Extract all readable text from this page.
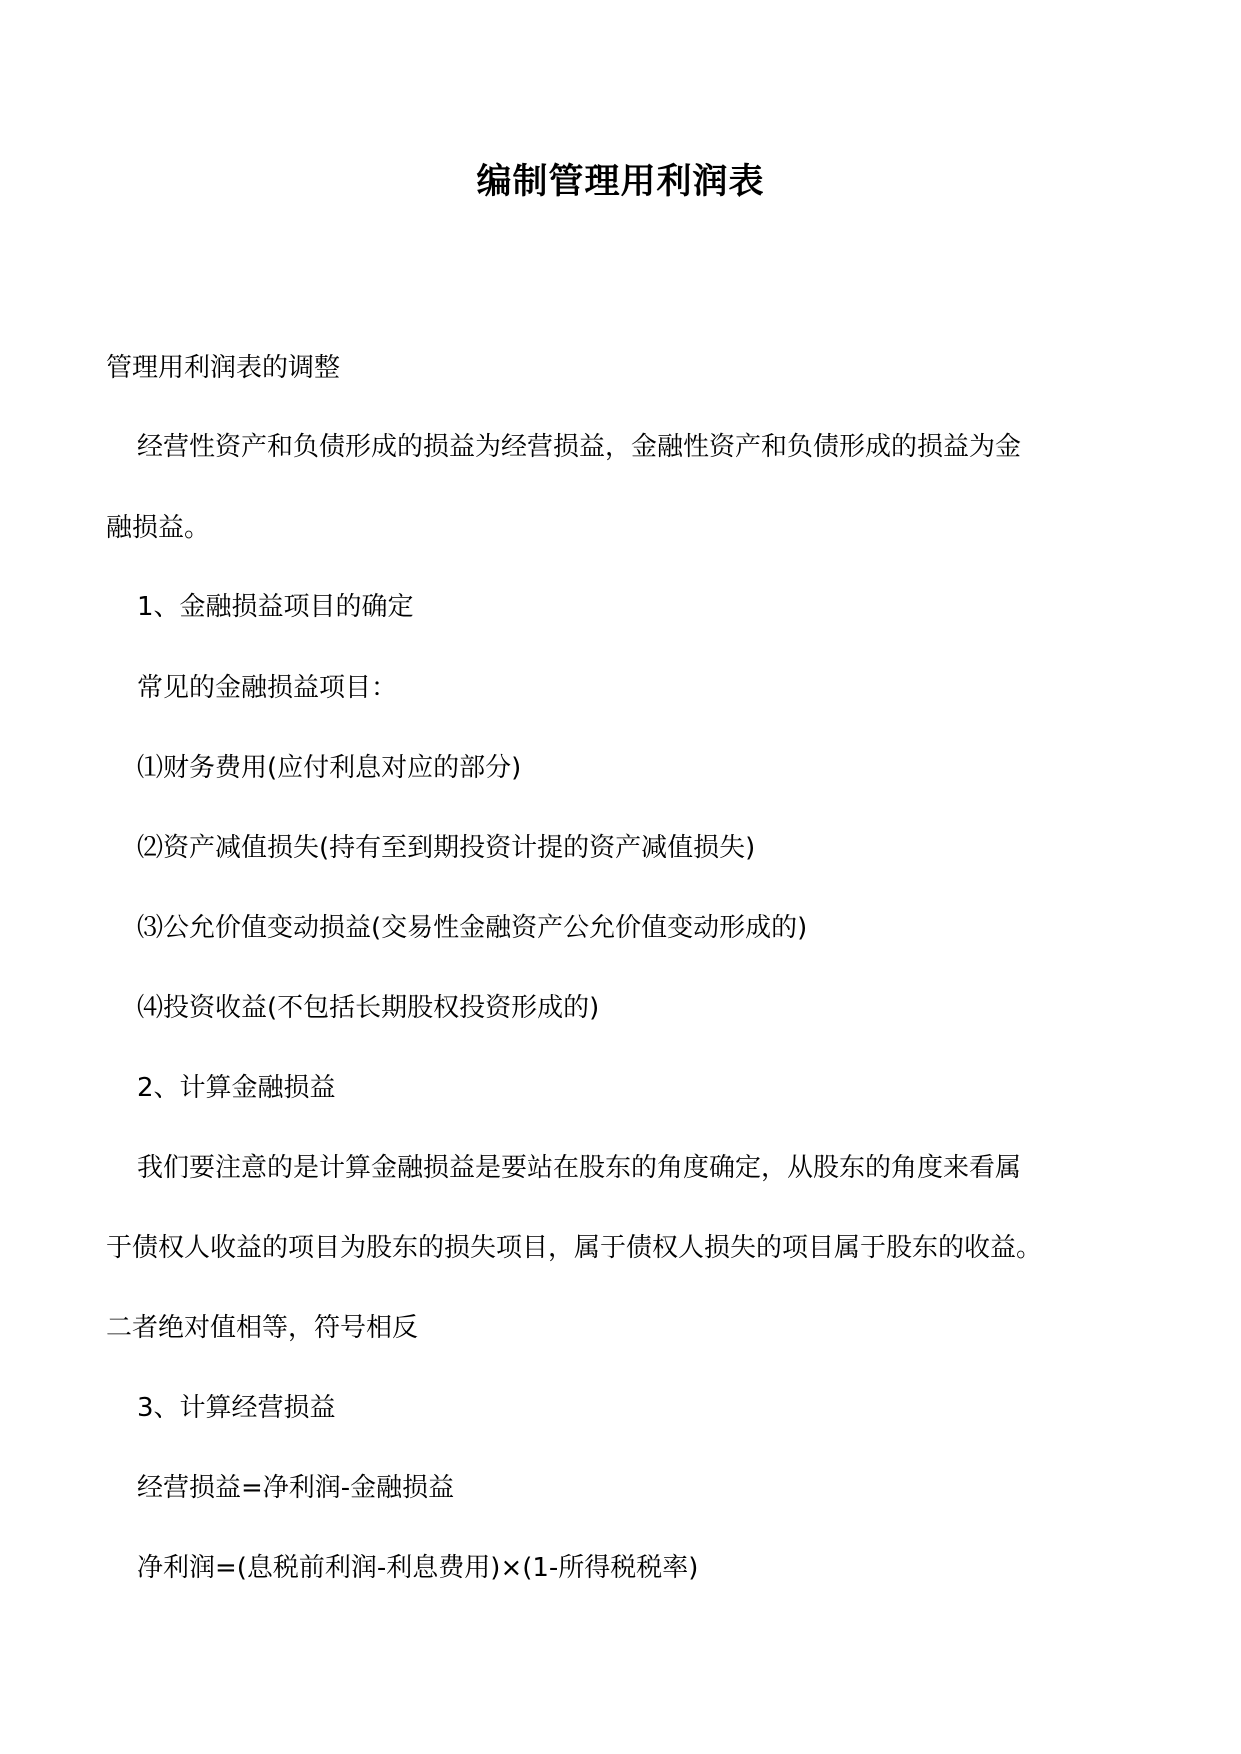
编制管理用利润表
管理用利润表的调整
经营性资产和负债形成的损益为经营损益，金融性资产和负债形成的损益为金
融损益。
1、金融损益项目的确定
常见的金融损益项目：
⑴财务费用(应付利息对应的部分)
⑵资产减值损失(持有至到期投资计提的资产减值损失)
⑶公允价值变动损益(交易性金融资产公允价值变动形成的)
⑷投资收益(不包括长期股权投资形成的)
2、计算金融损益
我们要注意的是计算金融损益是要站在股东的角度确定，从股东的角度来看属
于债权人收益的项目为股东的损失项目，属于债权人损失的项目属于股东的收益。
二者绝对值相等，符号相反
3、计算经营损益
经营损益=净利润-金融损益
净利润=(息税前利润-利息费用)×(1-所得税税率)
